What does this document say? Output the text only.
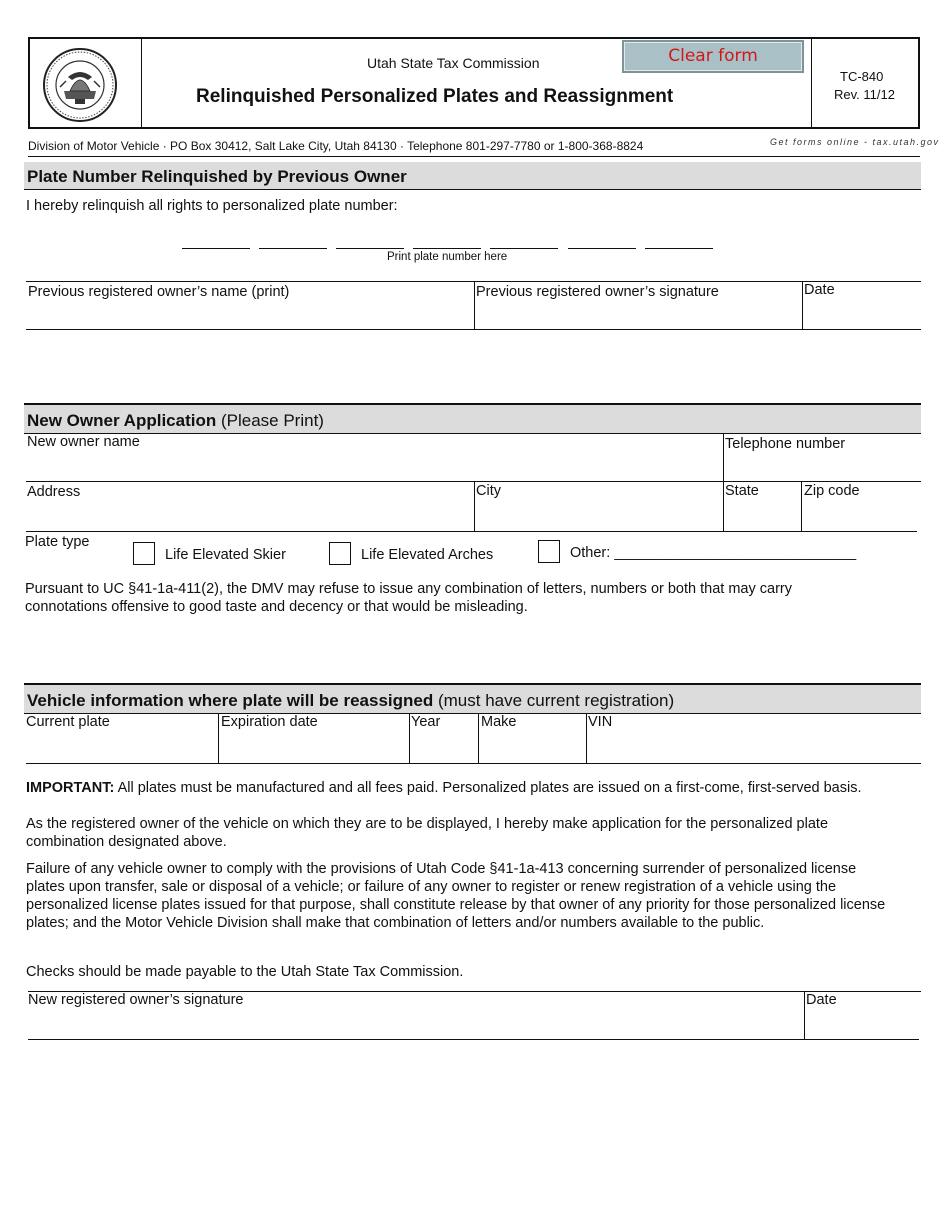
Utah State Tax Commission
Relinquished Personalized Plates and Reassignment
Clear form
TC-840
Rev. 11/12
Division of Motor Vehicle · PO Box 30412, Salt Lake City, Utah 84130 · Telephone 801-297-7780 or 1-800-368-8824	Get forms online - tax.utah.gov
Plate Number Relinquished by Previous Owner
I hereby relinquish all rights to personalized plate number:
Print plate number here
Previous registered owner’s name (print)	Previous registered owner’s signature	Date
New Owner Application (Please Print)
New owner name	Telephone number
Address	City	State	Zip code
Plate type
Life Elevated Skier	Life Elevated Arches	Other: ______________________________
Pursuant to UC §41-1a-411(2), the DMV may refuse to issue any combination of letters, numbers or both that may carry connotations offensive to good taste and decency or that would be misleading.
Vehicle information where plate will be reassigned (must have current registration)
Current plate	Expiration date	Year	Make	VIN
IMPORTANT: All plates must be manufactured and all fees paid. Personalized plates are issued on a first-come, first-served basis.
As the registered owner of the vehicle on which they are to be displayed, I hereby make application for the personalized plate combination designated above.
Failure of any vehicle owner to comply with the provisions of Utah Code §41-1a-413 concerning surrender of personalized license plates upon transfer, sale or disposal of a vehicle; or failure of any owner to register or renew registration of a vehicle using the personalized license plates issued for that purpose, shall constitute release by that owner of any priority for those personalized license plates; and the Motor Vehicle Division shall make that combination of letters and/or numbers available to the public.
Checks should be made payable to the Utah State Tax Commission.
New registered owner’s signature	Date
